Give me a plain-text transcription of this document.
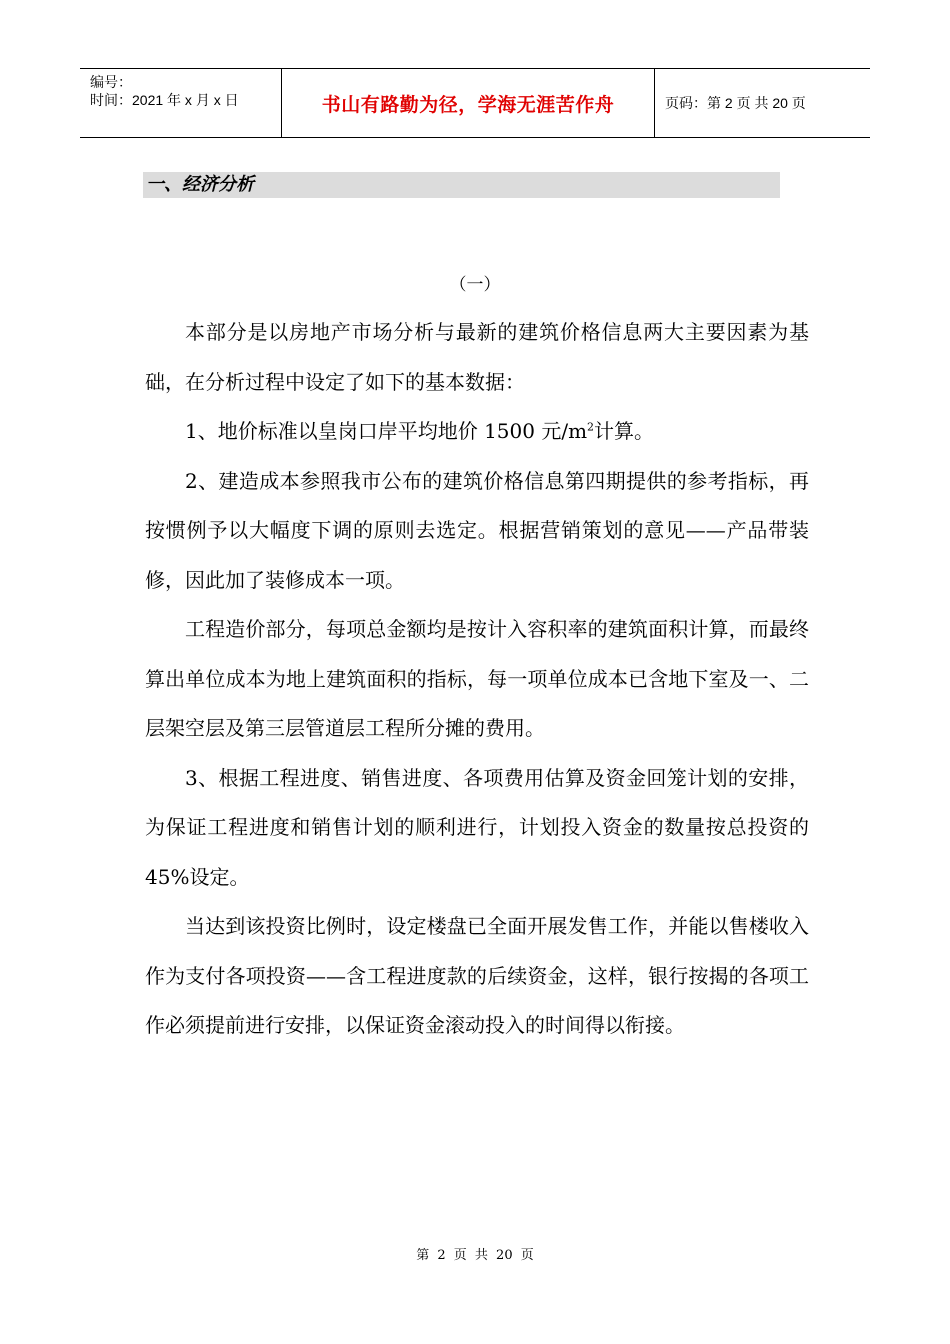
编号：
时间：2021 年 x 月 x 日	书山有路勤为径，学海无涯苦作舟	页码：第 2 页 共 20 页
一、经济分析
（一）

本部分是以房地产市场分析与最新的建筑价格信息两大主要因素为基础，在分析过程中设定了如下的基本数据：

1、地价标准以皇岗口岸平均地价 1500 元$/m^2$计算。

2、建造成本参照我市公布的建筑价格信息第四期提供的参考指标，再按惯例予以大幅度下调的原则去选定。根据营销策划的意见——产品带装修，因此加了装修成本一项。

工程造价部分，每项总金额均是按计入容积率的建筑面积计算，而最终算出单位成本为地上建筑面积的指标，每一项单位成本已含地下室及一、二层架空层及第三层管道层工程所分摊的费用。

3、根据工程进度、销售进度、各项费用估算及资金回笼计划的安排，为保证工程进度和销售计划的顺利进行，计划投入资金的数量按总投资的 45%设定。

当达到该投资比例时，设定楼盘已全面开展发售工作，并能以售楼收入作为支付各项投资——含工程进度款的后续资金，这样，银行按揭的各项工作必须提前进行安排，以保证资金滚动投入的时间得以衔接。

第 2 页 共 20 页
